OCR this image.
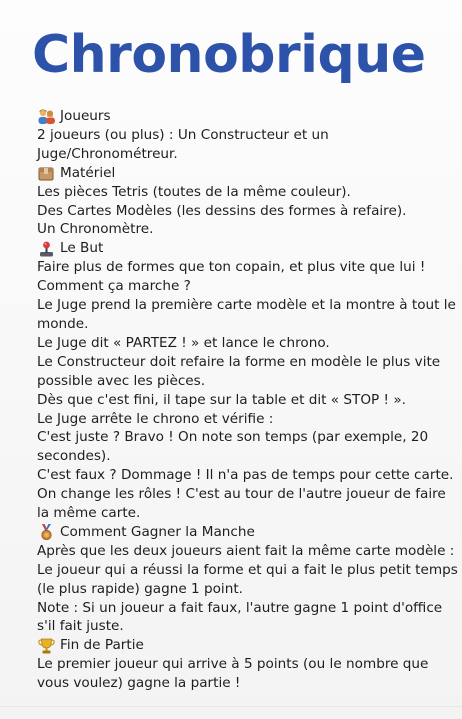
Chronobrique
Joueurs
2 joueurs (ou plus) : Un Constructeur et un
Juge/Chronométreur.
Matériel
Les pièces Tetris (toutes de la même couleur).
Des Cartes Modèles (les dessins des formes à refaire).
Un Chronomètre.
Le But
Faire plus de formes que ton copain, et plus vite que lui !
Comment ça marche ?
Le Juge prend la première carte modèle et la montre à tout le
monde.
Le Juge dit « PARTEZ ! » et lance le chrono.
Le Constructeur doit refaire la forme en modèle le plus vite
possible avec les pièces.
Dès que c'est fini, il tape sur la table et dit « STOP ! ».
Le Juge arrête le chrono et vérifie :
C'est juste ? Bravo ! On note son temps (par exemple, 20
secondes).
C'est faux ? Dommage ! Il n'a pas de temps pour cette carte.
On change les rôles ! C'est au tour de l'autre joueur de faire
la même carte.
Comment Gagner la Manche
Après que les deux joueurs aient fait la même carte modèle :
Le joueur qui a réussi la forme et qui a fait le plus petit temps
(le plus rapide) gagne 1 point.
Note : Si un joueur a fait faux, l'autre gagne 1 point d'office
s'il fait juste.
Fin de Partie
Le premier joueur qui arrive à 5 points (ou le nombre que
vous voulez) gagne la partie !
